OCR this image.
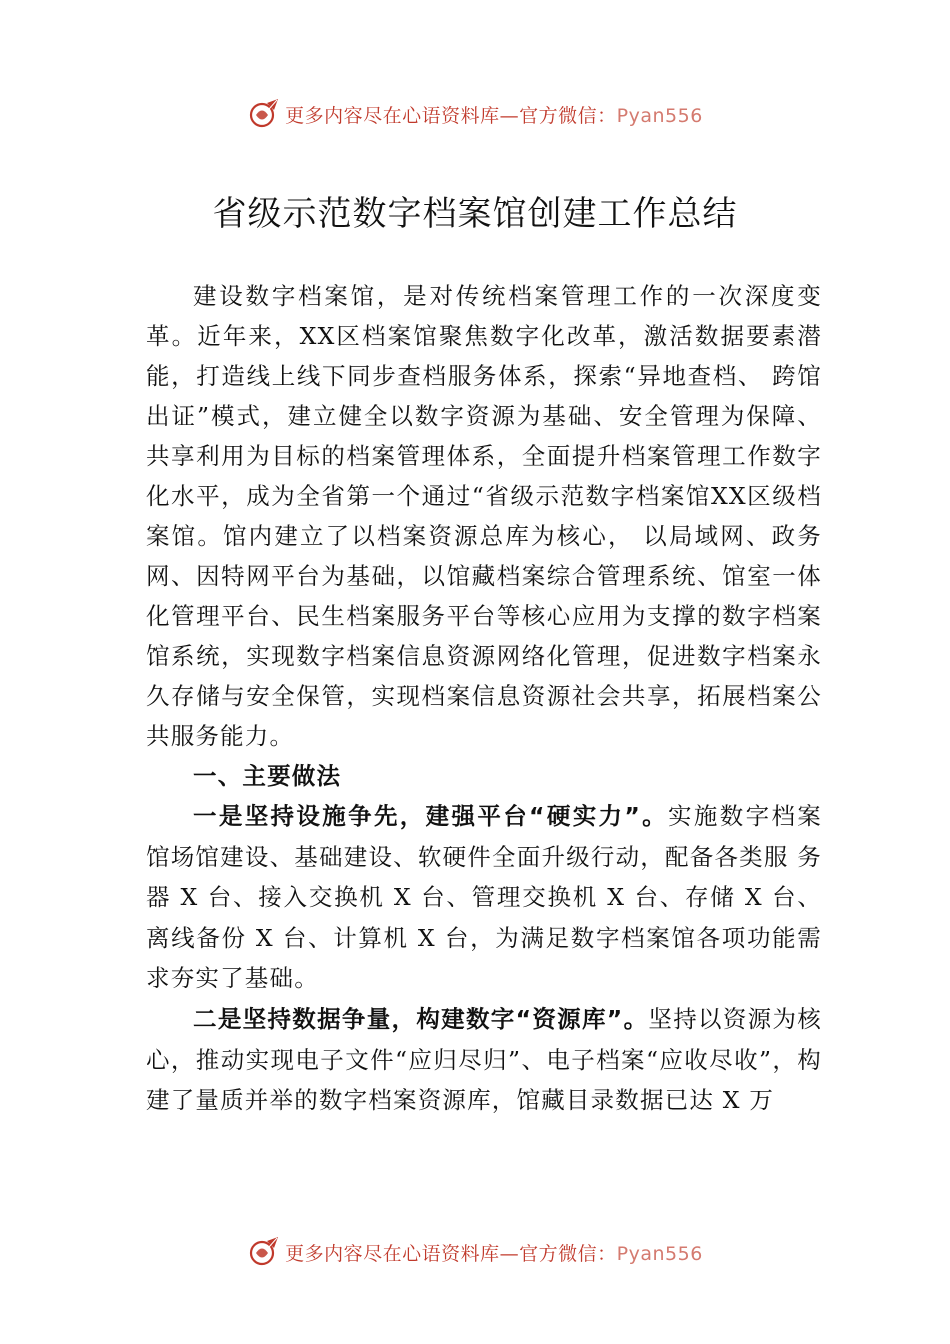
更多内容尽在心语资料库—官方微信：Pyan556
省级示范数字档案馆创建工作总结

建设数字档案馆，是对传统档案管理工作的一次深度变革。近年来，XX区档案馆聚焦数字化改革，激活数据要素潜能，打造线上线下同步查档服务体系，探索“异地查档、 跨馆出证”模式，建立健全以数字资源为基础、安全管理为保障、共享利用为目标的档案管理体系，全面提升档案管理工作数字化水平，成为全省第一个通过“省级示范数字档案馆XX区级档案馆。馆内建立了以档案资源总库为核心， 以局域网、政务网、因特网平台为基础，以馆藏档案综合管理系统、馆室一体化管理平台、民生档案服务平台等核心应用为支撑的数字档案馆系统，实现数字档案信息资源网络化管理，促进数字档案永久存储与安全保管，实现档案信息资源社会共享，拓展档案公共服务能力。

一、主要做法

一是坚持设施争先，建强平台“硬实力”。实施数字档案 馆场馆建设、基础建设、软硬件全面升级行动，配备各类服 务器 X 台、接入交换机 X 台、管理交换机 X 台、存储 X 台、离线备份 X 台、计算机 X 台，为满足数字档案馆各项功能需求夯实了基础。

二是坚持数据争量，构建数字“资源库”。坚持以资源为核心，推动实现电子文件“应归尽归”、电子档案“应收尽收”，构建了量质并举的数字档案资源库，馆藏目录数据已达 X 万

更多内容尽在心语资料库—官方微信：Pyan556
